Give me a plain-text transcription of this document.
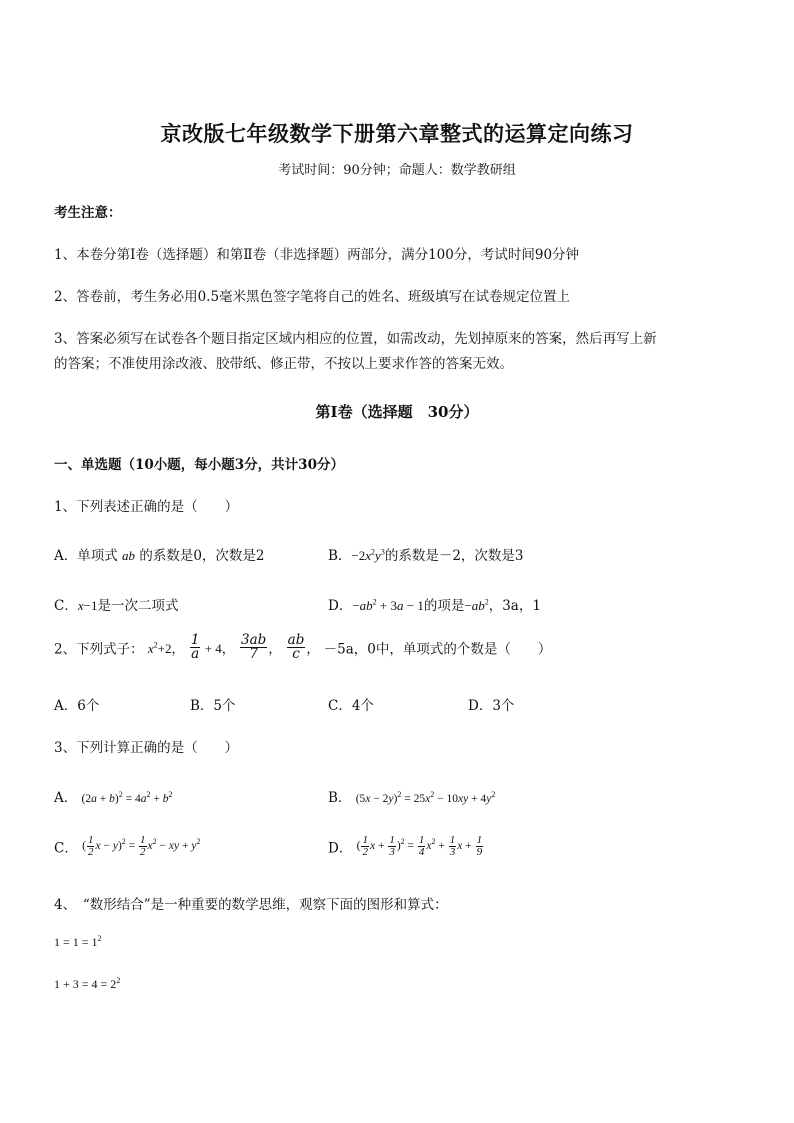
京改版七年级数学下册第六章整式的运算定向练习
考试时间：90分钟；命题人：数学教研组
考生注意：
1、本卷分第Ⅰ卷（选择题）和第Ⅱ卷（非选择题）两部分，满分100分，考试时间90分钟
2、答卷前，考生务必用0.5毫米黑色签字笔将自己的姓名、班级填写在试卷规定位置上
3、答案必须写在试卷各个题目指定区域内相应的位置，如需改动，先划掉原来的答案，然后再写上新
的答案；不准使用涂改液、胶带纸、修正带，不按以上要求作答的答案无效。
第Ⅰ卷（选择题　30分）
一、单选题（10小题，每小题3分，共计30分）
1、下列表述正确的是（　　）
A．单项式 ab 的系数是0，次数是2	B．$-2x^2y^3$的系数是－2，次数是3
C．x−1是一次二项式	D．$-ab^2 + 3a - 1$的项是$-ab^2$，3a，1
2、下列式子： $x^2+2$， $\frac{1}{a} + 4$， $\frac{3ab}{7}$ ， $\frac{ab}{c}$ ， －5a，0中，单项式的个数是（　　）
A．6个	B．5个	C．4个	D．3个
3、下列计算正确的是（　　）
A． $(2a + b)^2 = 4a^2 + b^2$	B． $(5x - 2y)^2 = 25x^2 - 10xy + 4y^2$
C． ( $\frac{1}{2}$ $x - y)^2 = \frac{1}{2} x^2$ − xy + $y^2$	D． ( $\frac{1}{2}$ $x + \frac{1}{3} )^2 = \frac{1}{4} x^2 + \frac{1}{3}$ $x + \frac{1}{9}$
4、　“数形结合”是一种重要的数学思维，观察下面的图形和算式：
$1 = 1 = 1^2$
$1 + 3 = 4 = 2^2$
